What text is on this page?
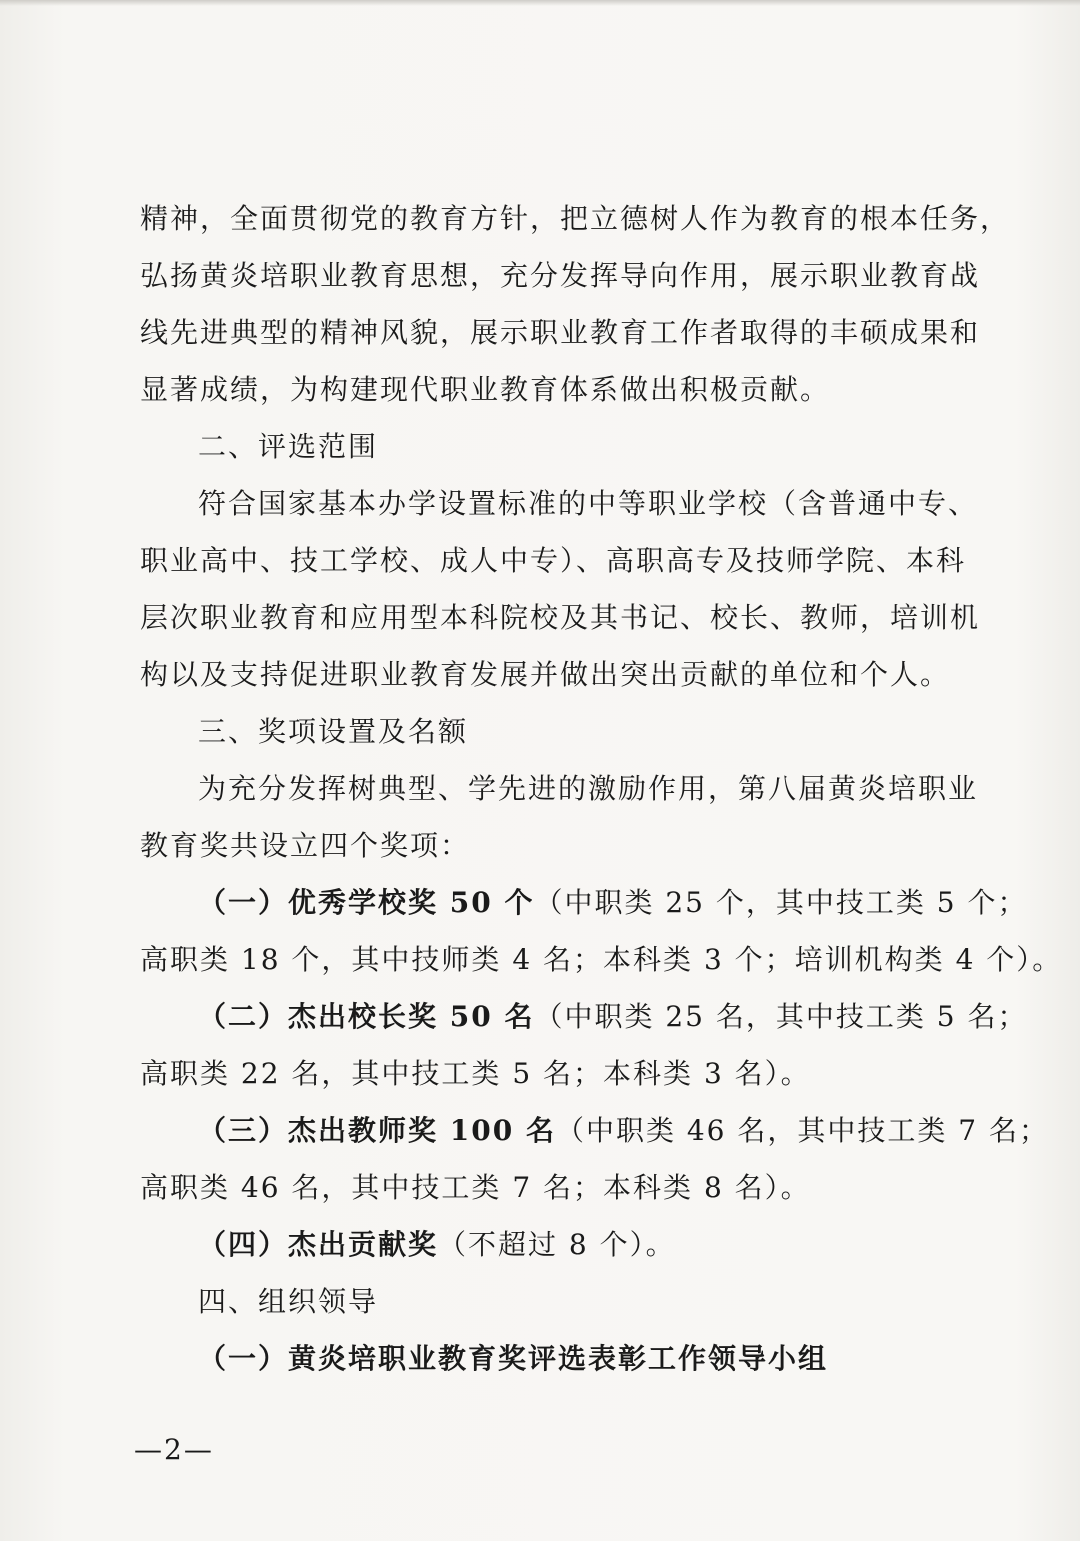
精神，全面贯彻党的教育方针，把立德树人作为教育的根本任务，
弘扬黄炎培职业教育思想，充分发挥导向作用，展示职业教育战
线先进典型的精神风貌，展示职业教育工作者取得的丰硕成果和
显著成绩，为构建现代职业教育体系做出积极贡献。
二、评选范围
符合国家基本办学设置标准的中等职业学校（含普通中专、
职业高中、技工学校、成人中专）、高职高专及技师学院、本科
层次职业教育和应用型本科院校及其书记、校长、教师，培训机
构以及支持促进职业教育发展并做出突出贡献的单位和个人。
三、奖项设置及名额
为充分发挥树典型、学先进的激励作用，第八届黄炎培职业
教育奖共设立四个奖项：
（一）优秀学校奖 50 个（中职类 25 个，其中技工类 5 个；
高职类 18 个，其中技师类 4 名；本科类 3 个；培训机构类 4 个）。
（二）杰出校长奖 50 名（中职类 25 名，其中技工类 5 名；
高职类 22 名，其中技工类 5 名；本科类 3 名）。
（三）杰出教师奖 100 名（中职类 46 名，其中技工类 7 名；
高职类 46 名，其中技工类 7 名；本科类 8 名）。
（四）杰出贡献奖（不超过 8 个）。
四、组织领导
（一）黄炎培职业教育奖评选表彰工作领导小组
—2—
